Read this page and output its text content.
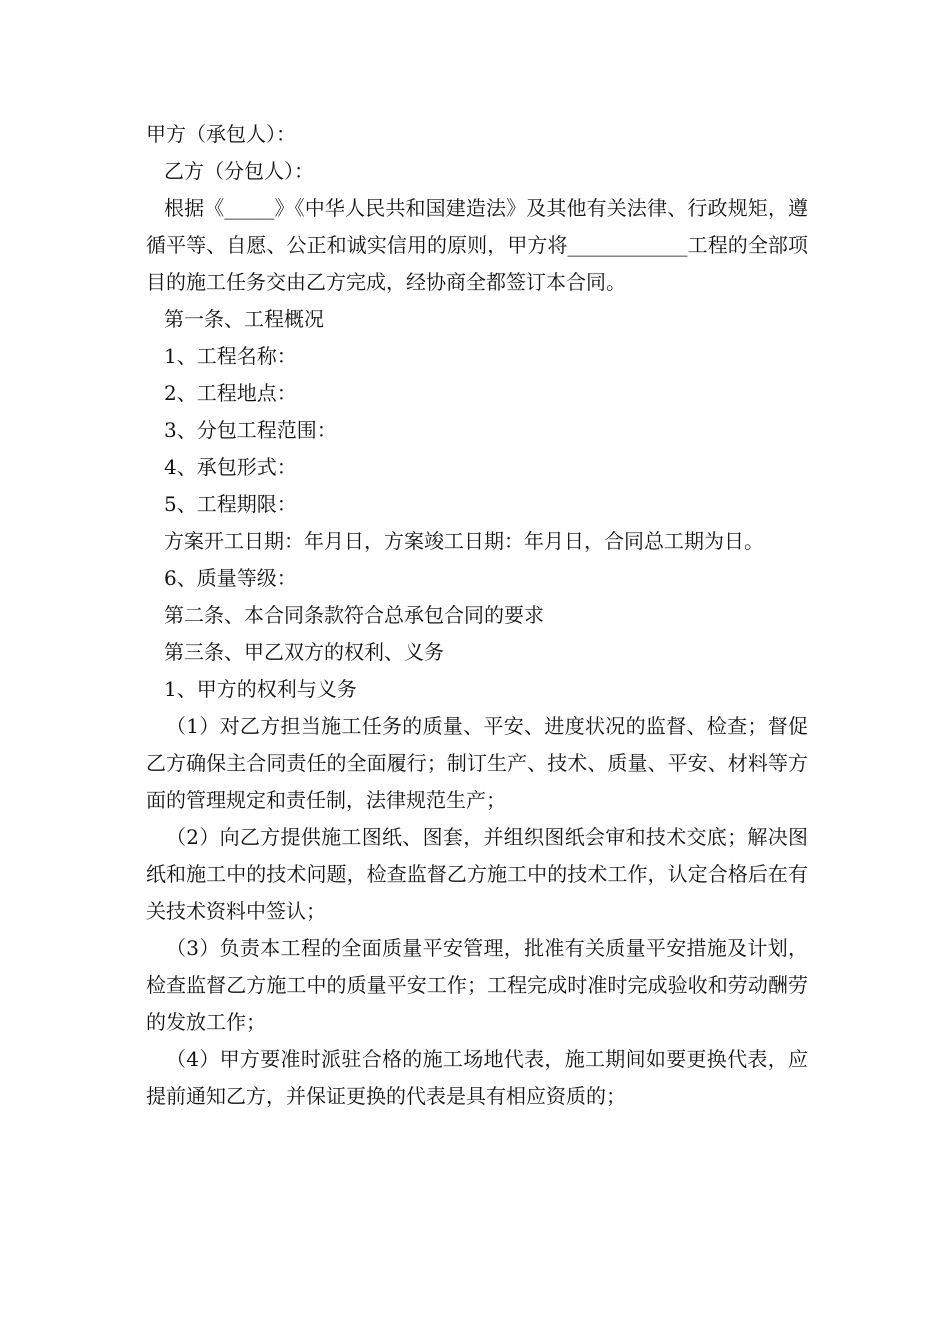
甲方（承包人）：

乙方（分包人）：

根据《_____》《中华人民共和国建造法》及其他有关法律、行政规矩，遵循平等、自愿、公正和诚实信用的原则，甲方将____________工程的全部项目的施工任务交由乙方完成，经协商全都签订本合同。

第一条、工程概况

1、工程名称：

2、工程地点：

3、分包工程范围：

4、承包形式：

5、工程期限：

方案开工日期：年月日，方案竣工日期：年月日，合同总工期为日。

6、质量等级：

第二条、本合同条款符合总承包合同的要求

第三条、甲乙双方的权利、义务

1、甲方的权利与义务

（1）对乙方担当施工任务的质量、平安、进度状况的监督、检查；督促乙方确保主合同责任的全面履行；制订生产、技术、质量、平安、材料等方面的管理规定和责任制，法律规范生产；

（2）向乙方提供施工图纸、图套，并组织图纸会审和技术交底；解决图纸和施工中的技术问题，检查监督乙方施工中的技术工作，认定合格后在有关技术资料中签认；

（3）负责本工程的全面质量平安管理，批准有关质量平安措施及计划，检查监督乙方施工中的质量平安工作；工程完成时准时完成验收和劳动酬劳的发放工作；

（4）甲方要准时派驻合格的施工场地代表，施工期间如要更换代表，应提前通知乙方，并保证更换的代表是具有相应资质的；
